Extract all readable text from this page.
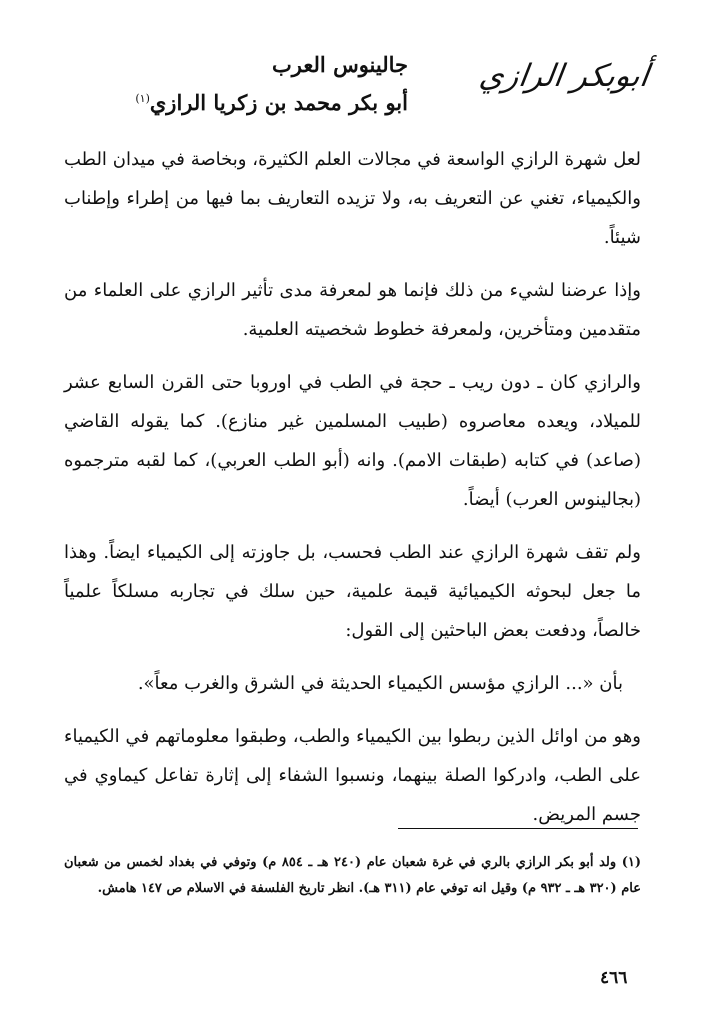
أبوبكر الرازي
جالينوس العرب
أبو بكر محمد بن زكريا الرازي$^{(١)}$

لعل شهرة الرازي الواسعة في مجالات العلم الكثيرة، وبخاصة في ميدان الطب والكيمياء، تغني عن التعريف به، ولا تزيده التعاريف بما فيها من إطراء وإطناب شيئاً.

وإذا عرضنا لشيء من ذلك فإنما هو لمعرفة مدى تأثير الرازي على العلماء من متقدمين ومتأخرين، ولمعرفة خطوط شخصيته العلمية.

والرازي كان ـ دون ريب ـ حجة في الطب في اوروبا حتى القرن السابع عشر للميلاد، ويعده معاصروه (طبيب المسلمين غير منازع). كما يقوله القاضي (صاعد) في كتابه (طبقات الامم). وانه (أبو الطب العربي)، كما لقبه مترجموه (بجالينوس العرب) أيضاً.

ولم تقف شهرة الرازي عند الطب فحسب، بل جاوزته إلى الكيمياء ايضاً. وهذا ما جعل لبحوثه الكيميائية قيمة علمية، حين سلك في تجاربه مسلكاً علمياً خالصاً، ودفعت بعض الباحثين إلى القول:

بأن «... الرازي مؤسس الكيمياء الحديثة في الشرق والغرب معاً».

وهو من اوائل الذين ربطوا بين الكيمياء والطب، وطبقوا معلوماتهم في الكيمياء على الطب، وادركوا الصلة بينهما، ونسبوا الشفاء إلى إثارة تفاعل كيماوي في جسم المريض.

(١) ولد أبو بكر الرازي بالري في غرة شعبان عام (٢٤٠ هـ ـ ٨٥٤ م) وتوفي في بغداد لخمس من شعبان عام (٣٢٠ هـ ـ ٩٣٢ م) وقيل انه توفي عام (٣١١ هـ). انظر تاريخ الفلسفة في الاسلام ص ١٤٧ هامش.
٤٦٦
